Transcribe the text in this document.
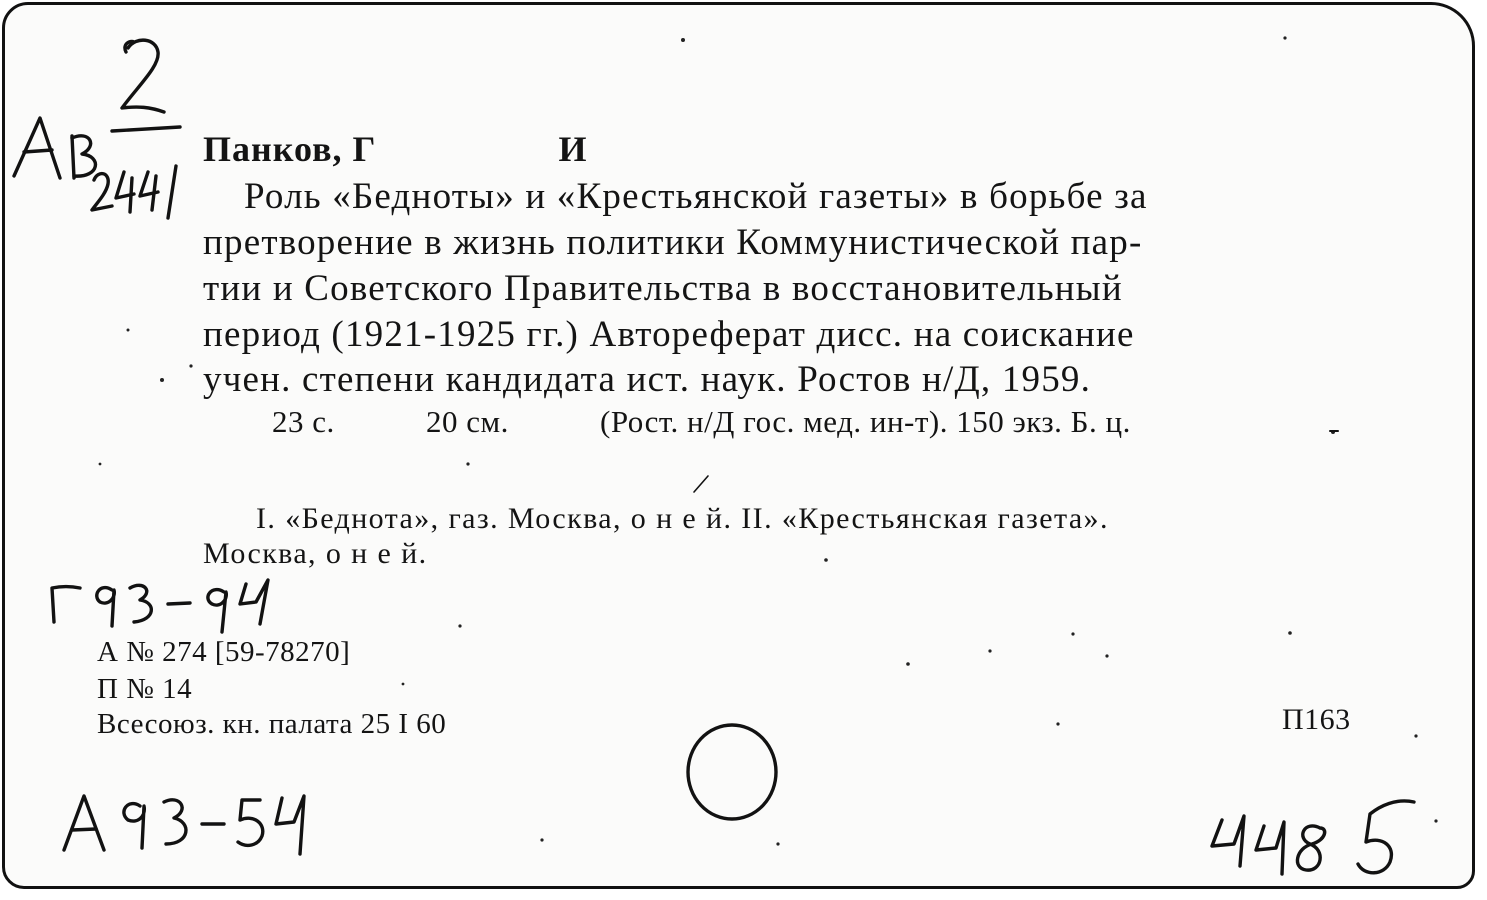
Панков, Г	И
Роль «Бедноты» и «Крестьянской газеты» в борьбе за
претворение в жизнь политики Коммунистической пар-
тии и Советского Правительства в восстановительный
период (1921-1925 гг.) Автореферат дисс. на соискание
учен. степени кандидата ист. наук. Ростов н/Д, 1959.
23 с.	20 см.	(Рост. н/Д гос. мед. ин-т). 150 экз. Б. ц.
I. «Беднота», газ. Москва, о н е й. II. «Крестьянская газета».
Москва, о н е й.
А № 274 [59-78270]
П № 14
Всесоюз. кн. палата 25 I 60	П163
